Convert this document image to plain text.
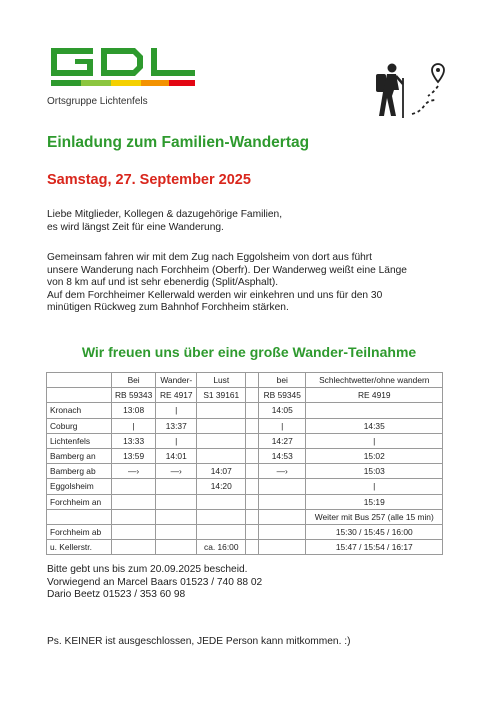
Ortsgruppe Lichtenfels
Einladung zum Familien-Wandertag

Samstag, 27. September 2025

Liebe Mitglieder, Kollegen & dazugehörige Familien,
es wird längst Zeit für eine Wanderung.

Gemeinsam fahren wir mit dem Zug nach Eggolsheim von dort aus führt
unsere Wanderung nach Forchheim (Oberfr). Der Wanderweg weißt eine Länge
von 8 km auf und ist sehr ebenerdig (Split/Asphalt).
Auf dem Forchheimer Kellerwald werden wir einkehren und uns für den 30
minütigen Rückweg zum Bahnhof Forchheim stärken.

Wir freuen uns über eine große Wander-Teilnahme
	Bei	Wander-	Lust		bei	Schlechtwetter/ohne wandern
	RB 59343	RE 4917	S1 39161		RB 59345	RE 4919
Kronach	13:08	|			14:05	
Coburg	|	13:37			|	14:35
Lichtenfels	13:33	|			14:27	|
Bamberg an	13:59	14:01			14:53	15:02
Bamberg ab	—›	—›	14:07		—›	15:03
Eggolsheim			14:20			|
Forchheim an						15:19
						Weiter mit Bus 257 (alle 15 min)
Forchheim ab						15:30 / 15:45 / 16:00
u. Kellerstr.			ca. 16:00			15:47 / 15:54 / 16:17

Bitte gebt uns bis zum 20.09.2025 bescheid.
Vorwiegend an Marcel Baars 01523 / 740 88 02
Dario Beetz 01523 / 353 60 98

Ps. KEINER ist ausgeschlossen, JEDE Person kann mitkommen. :)
